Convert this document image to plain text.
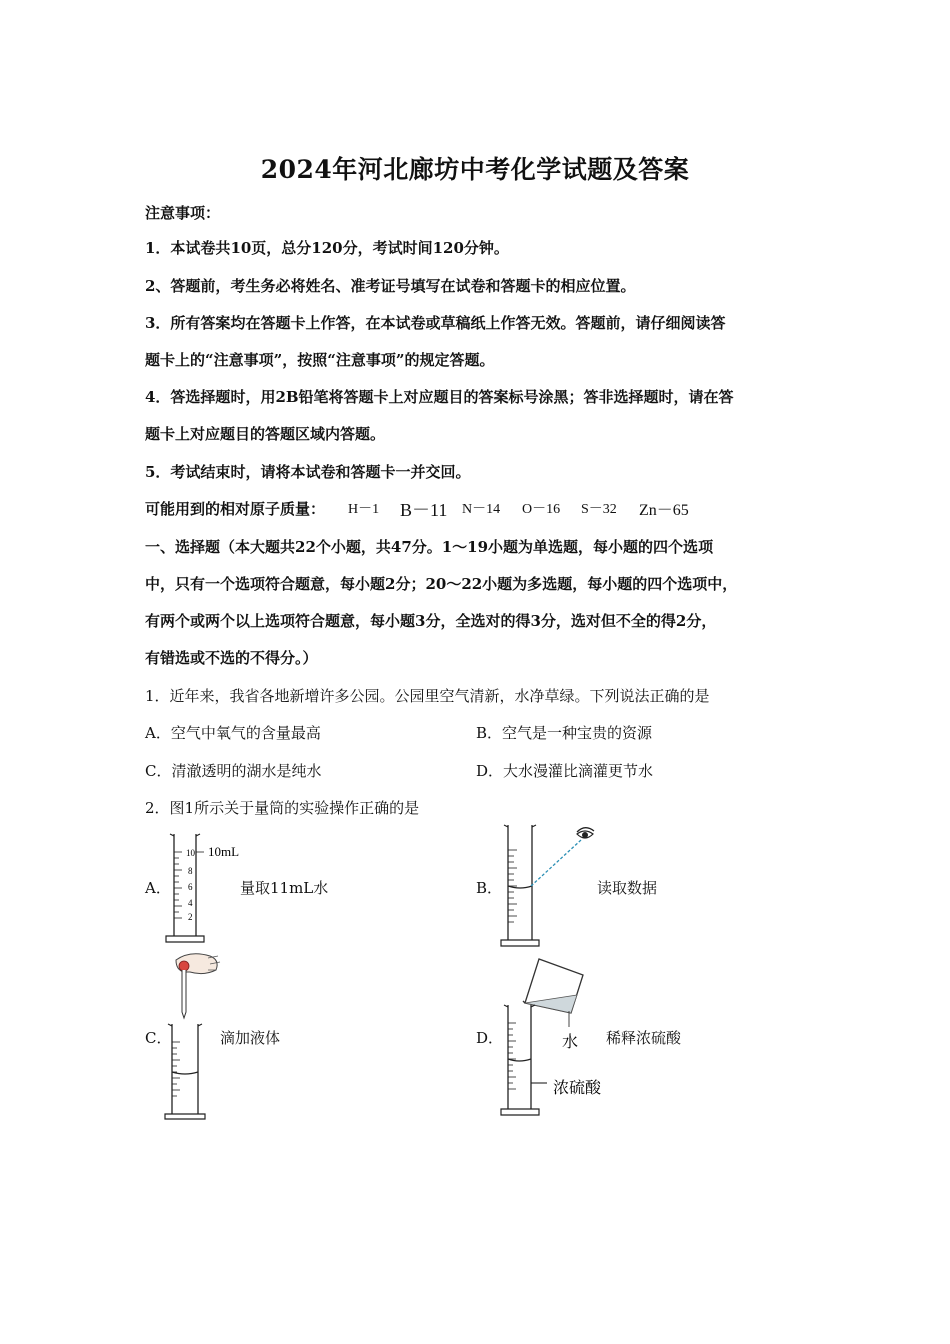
2024年河北廊坊中考化学试题及答案
注意事项：
1．本试卷共10页，总分120分，考试时间120分钟。
2、答题前，考生务必将姓名、准考证号填写在试卷和答题卡的相应位置。
3．所有答案均在答题卡上作答，在本试卷或草稿纸上作答无效。答题前，请仔细阅读答
题卡上的“注意事项”，按照“注意事项”的规定答题。
4．答选择题时，用2B铅笔将答题卡上对应题目的答案标号涂黑；答非选择题时，请在答
题卡上对应题目的答题区域内答题。
5．考试结束时，请将本试卷和答题卡一并交回。
可能用到的相对原子质量： H－1 B－11 N－14 O－16 S－32 Zn－65
一、选择题（本大题共22个小题，共47分。1～19小题为单选题，每小题的四个选项
中，只有一个选项符合题意，每小题2分；20～22小题为多选题，每小题的四个选项中，
有两个或两个以上选项符合题意，每小题3分，全选对的得3分，选对但不全的得2分，
有错选或不选的不得分。）
1．近年来，我省各地新增许多公园。公园里空气清新，水净草绿。下列说法正确的是
A．空气中氧气的含量最高	B．空气是一种宝贵的资源
C．清澈透明的湖水是纯水	D．大水漫灌比滴灌更节水
2．图1所示关于量筒的实验操作正确的是
A．	量取11mL水
10
8
6
4
2
10mL
B．	读取数据
C．	滴加液体	D．	稀释浓硫酸
水
浓硫酸
